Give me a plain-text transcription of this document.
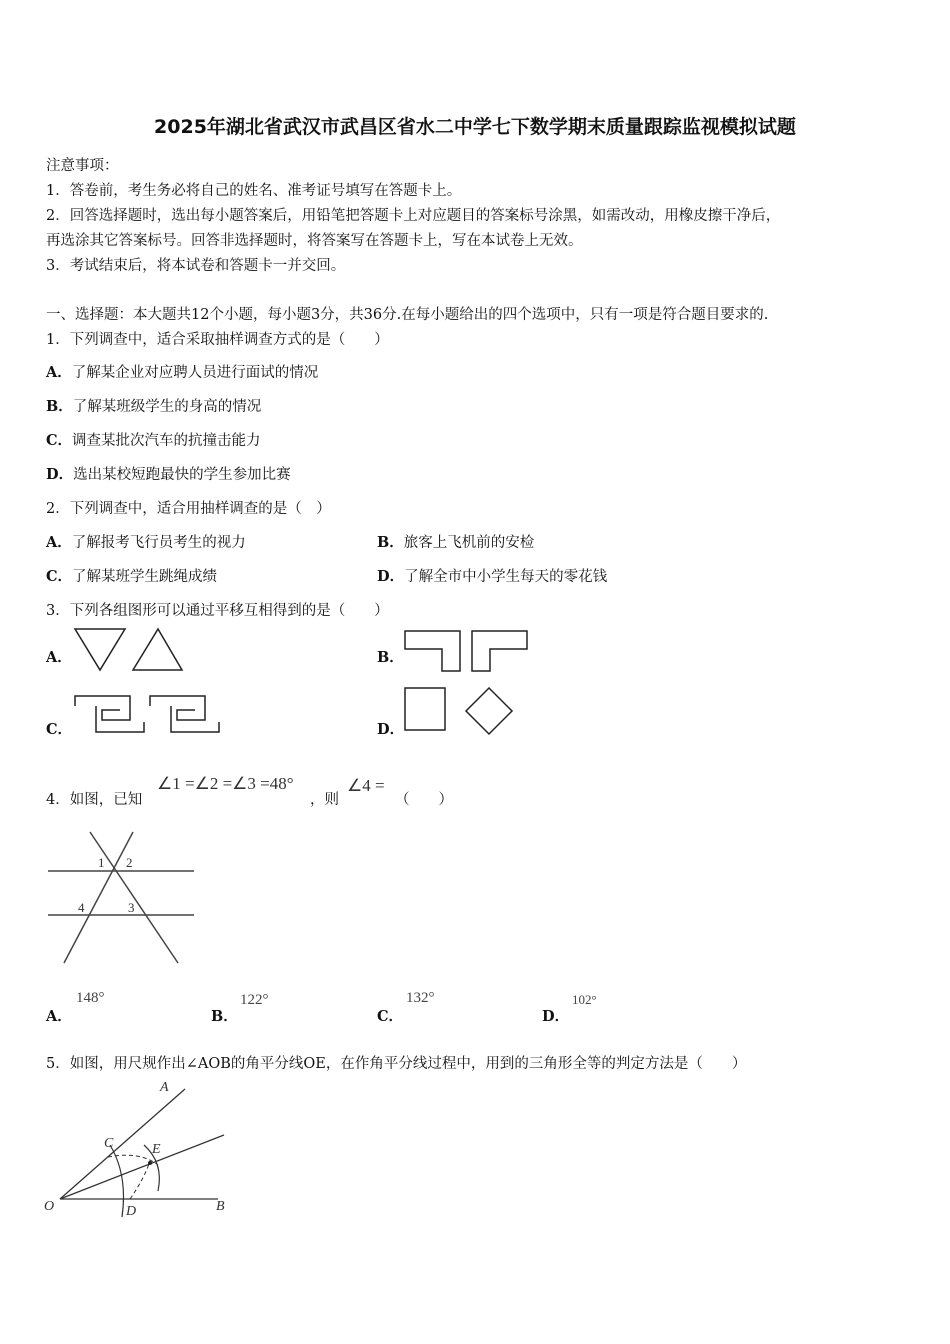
2025年湖北省武汉市武昌区省水二中学七下数学期末质量跟踪监视模拟试题
注意事项：
1．答卷前，考生务必将自己的姓名、准考证号填写在答题卡上。
2．回答选择题时，选出每小题答案后，用铅笔把答题卡上对应题目的答案标号涂黑，如需改动，用橡皮擦干净后，
再选涂其它答案标号。回答非选择题时，将答案写在答题卡上，写在本试卷上无效。
3．考试结束后，将本试卷和答题卡一并交回。
一、选择题：本大题共12个小题，每小题3分，共36分.在每小题给出的四个选项中，只有一项是符合题目要求的.
1．下列调查中，适合采取抽样调查方式的是（　　）
A．了解某企业对应聘人员进行面试的情况
B．了解某班级学生的身高的情况
C．调查某批次汽车的抗撞击能力
D．选出某校短跑最快的学生参加比赛
2．下列调查中，适合用抽样调查的是（　）
A．了解报考飞行员考生的视力	B．旅客上飞机前的安检
C．了解某班学生跳绳成绩	D．了解全市中小学生每天的零花钱
3．下列各组图形可以通过平移互相得到的是（　　）
A．	B．
C．	D．
4．如图，已知
∠1 =∠2 =∠3 =48°
，则
∠4 =
（　　）
1 2
3
4
A．
148°
B．
122°
C．
132°
D．
102°
5．如图，用尺规作出∠AOB的角平分线OE，在作角平分线过程中，用到的三角形全等的判定方法是（　　）
A
C	E
O	D	B
